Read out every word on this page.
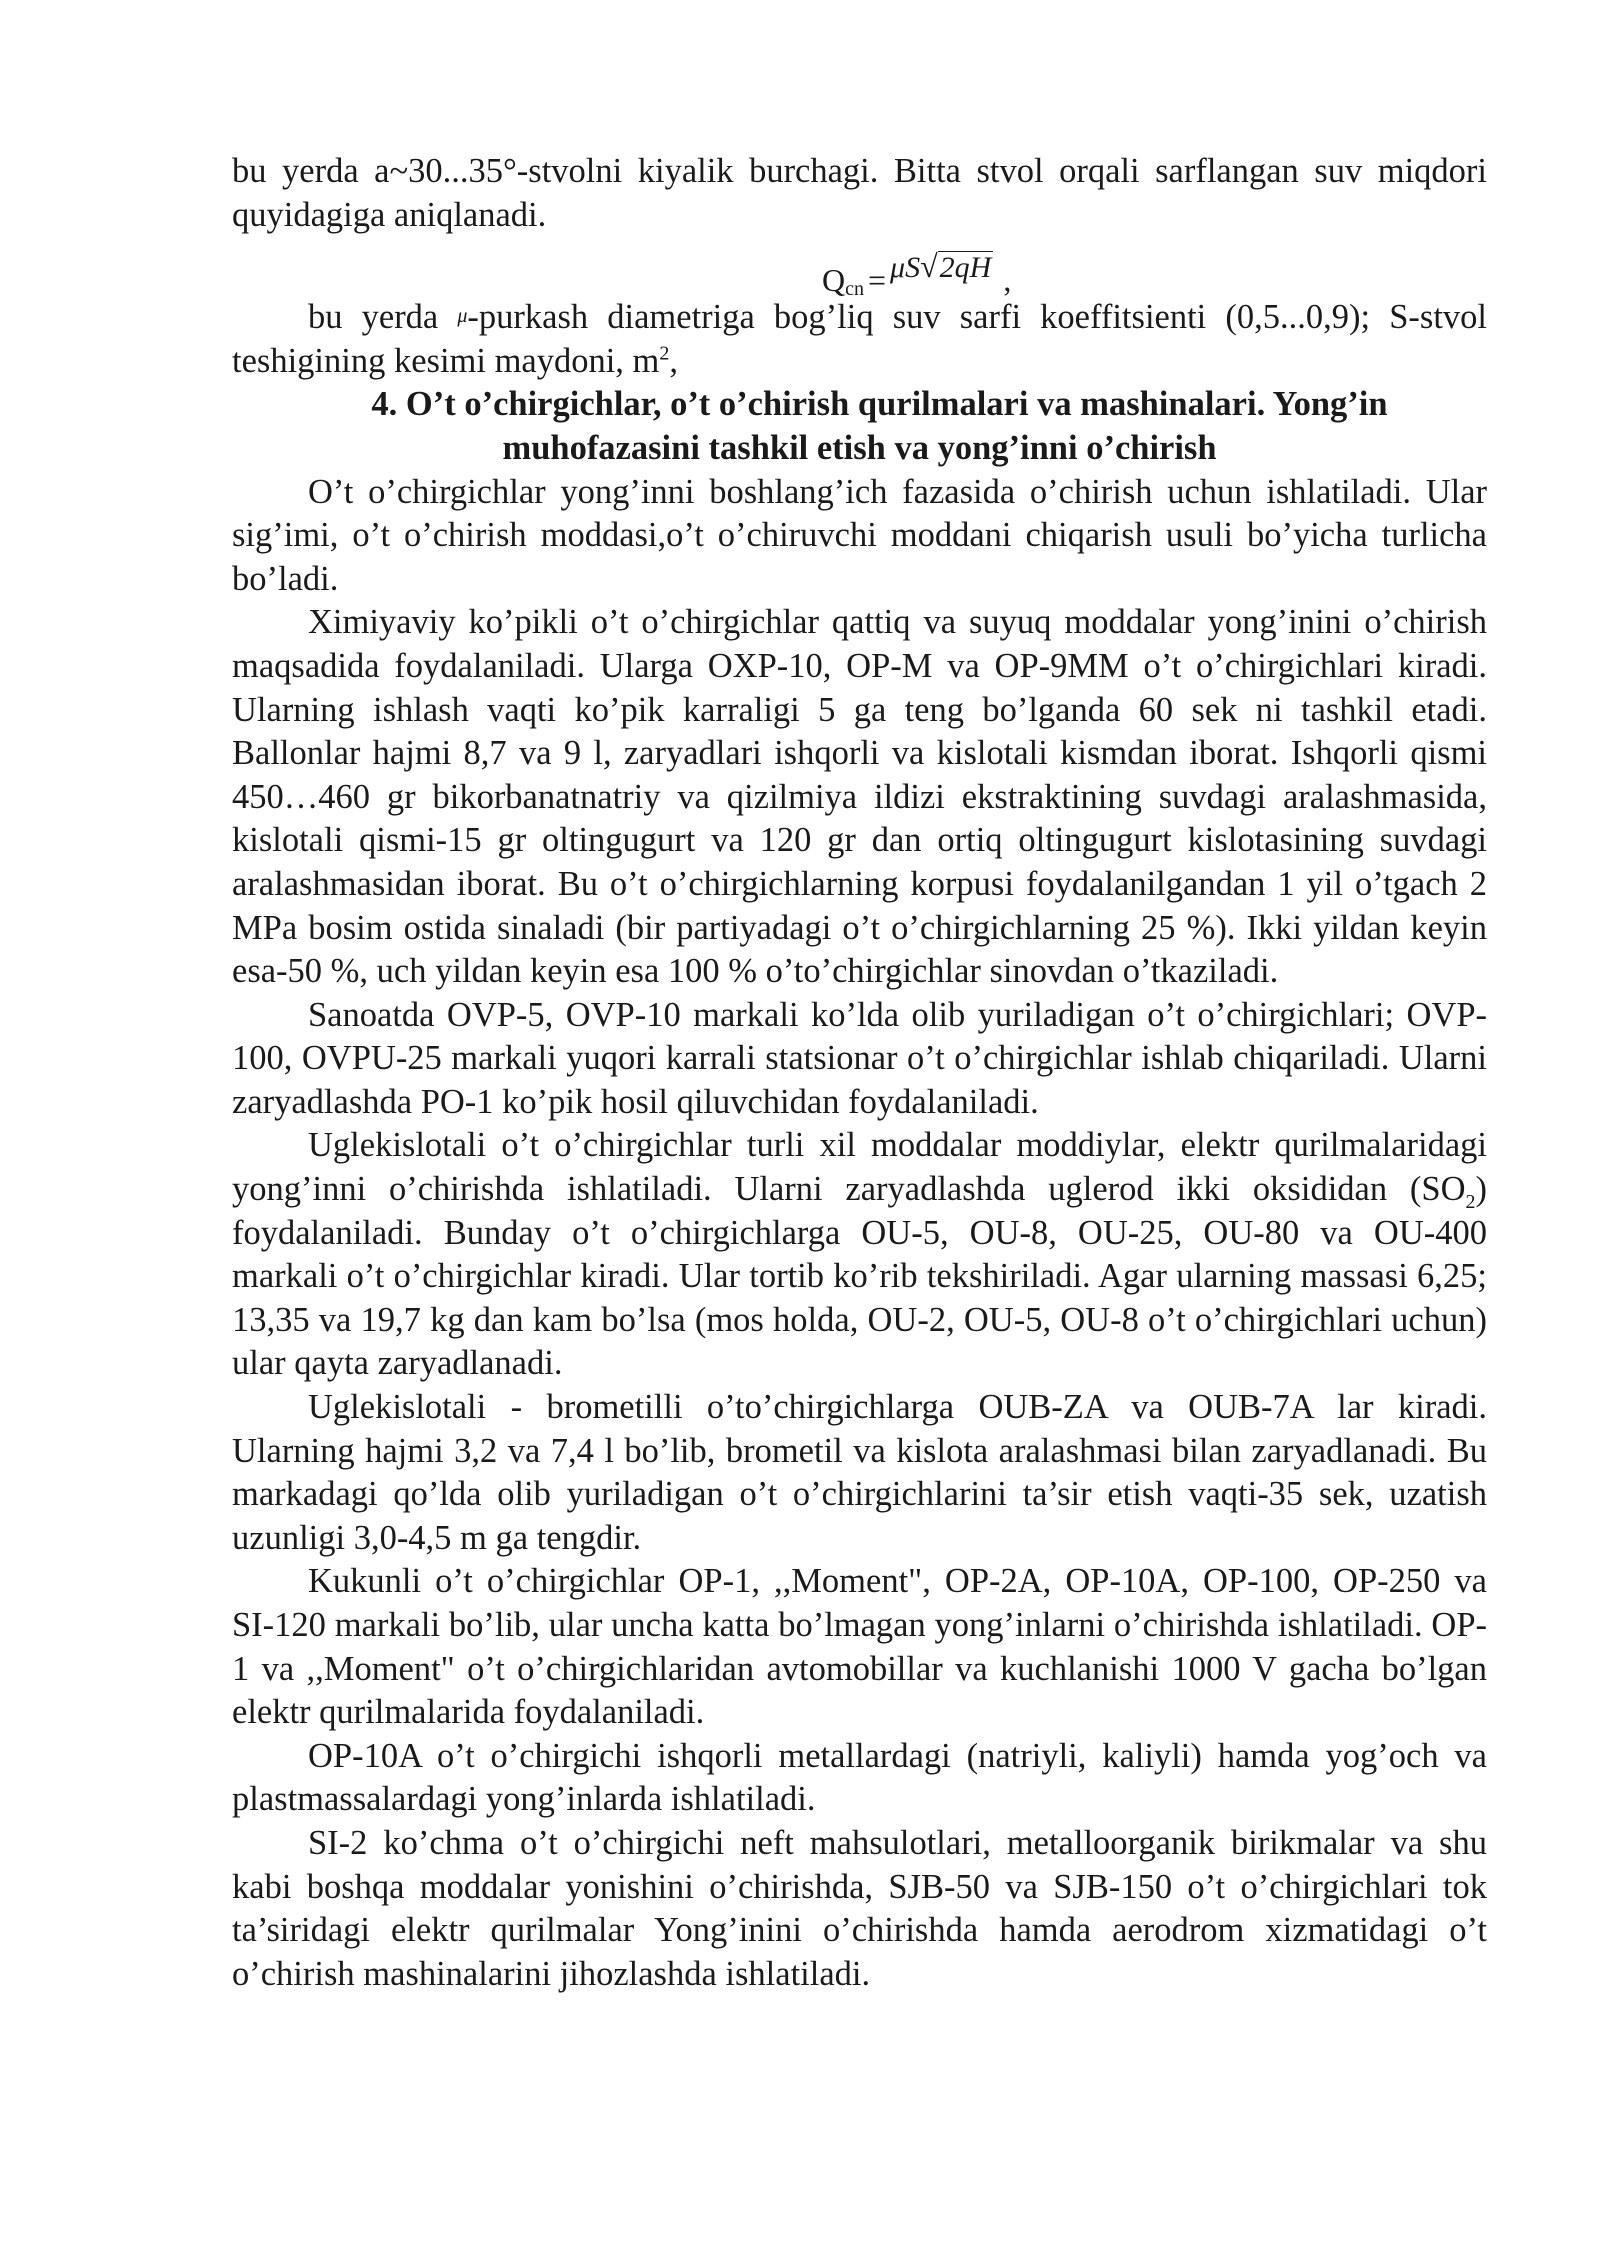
bu yerda a~30...35°-stvolni kiyalik burchagi. Bitta stvol orqali sarflangan suv miqdori quyidagiga aniqlanadi.

$Q_{cn} = \mu S√2qH$ ,

bu yerda μ-purkash diametriga bog’liq suv sarfi koeffitsienti (0,5...0,9); S-stvol teshigining kesimi maydoni, $m^2$,

4. O’t o’chirgichlar, o’t o’chirish qurilmalari va mashinalari. Yong’in
muhofazasini tashkil etish va yong’inni o’chirish

O’t o’chirgichlar yong’inni boshlang’ich fazasida o’chirish uchun ishlatiladi. Ular sig’imi, o’t o’chirish moddasi,o’t o’chiruvchi moddani chiqarish usuli bo’yicha turlicha bo’ladi.

Ximiyaviy ko’pikli o’t o’chirgichlar qattiq va suyuq moddalar yong’inini o’chirish maqsadida foydalaniladi. Ularga OXP-10, OP-M va OP-9MM o’t o’chirgichlari kiradi. Ularning ishlash vaqti ko’pik karraligi 5 ga teng bo’lganda 60 sek ni tashkil etadi. Ballonlar hajmi 8,7 va 9 l, zaryadlari ishqorli va kislotali kismdan iborat. Ishqorli qismi 450…460 gr bikorbanatnatriy va qizilmiya ildizi ekstraktining suvdagi aralashmasida, kislotali qismi-15 gr oltingugurt va 120 gr dan ortiq oltingugurt kislotasining suvdagi aralashmasidan iborat. Bu o’t o’chirgichlarning korpusi foydalanilgandan 1 yil o’tgach 2 MPa bosim ostida sinaladi (bir partiyadagi o’t o’chirgichlarning 25 %). Ikki yildan keyin esa-50 %, uch yildan keyin esa 100 % o’to’chirgichlar sinovdan o’tkaziladi.

Sanoatda OVP-5, OVP-10 markali ko’lda olib yuriladigan o’t o’chirgichlari; OVP-100, OVPU-25 markali yuqori karrali statsionar o’t o’chirgichlar ishlab chiqariladi. Ularni zaryadlashda PO-1 ko’pik hosil qiluvchidan foydalaniladi.

Uglekislotali o’t o’chirgichlar turli xil moddalar moddiylar, elektr qurilmalaridagi yong’inni o’chirishda ishlatiladi. Ularni zaryadlashda uglerod ikki oksididan $(SO_2)$ foydalaniladi. Bunday o’t o’chirgichlarga OU-5, OU-8, OU-25, OU-80 va OU-400 markali o’t o’chirgichlar kiradi. Ular tortib ko’rib tekshiriladi. Agar ularning massasi 6,25; 13,35 va 19,7 kg dan kam bo’lsa (mos holda, OU-2, OU-5, OU-8 o’t o’chirgichlari uchun) ular qayta zaryadlanadi.

Uglekislotali - brometilli o’to’chirgichlarga OUB-ZA va OUB-7A lar kiradi. Ularning hajmi 3,2 va 7,4 l bo’lib, brometil va kislota aralashmasi bilan zaryadlanadi. Bu markadagi qo’lda olib yuriladigan o’t o’chirgichlarini ta’sir etish vaqti-35 sek, uzatish uzunligi 3,0-4,5 m ga tengdir.

Kukunli o’t o’chirgichlar OP-1, ,,Moment", OP-2A, OP-10A, OP-100, OP-250 va SI-120 markali bo’lib, ular uncha katta bo’lmagan yong’inlarni o’chirishda ishlatiladi. OP-1 va ,,Moment" o’t o’chirgichlaridan avtomobillar va kuchlanishi 1000 V gacha bo’lgan elektr qurilmalarida foydalaniladi.

OP-10A o’t o’chirgichi ishqorli metallardagi (natriyli, kaliyli) hamda yog’och va plastmassalardagi yong’inlarda ishlatiladi.

SI-2 ko’chma o’t o’chirgichi neft mahsulotlari, metalloorganik birikmalar va shu kabi boshqa moddalar yonishini o’chirishda, SJB-50 va SJB-150 o’t o’chirgichlari tok ta’siridagi elektr qurilmalar Yong’inini o’chirishda hamda aerodrom xizmatidagi o’t o’chirish mashinalarini jihozlashda ishlatiladi.
